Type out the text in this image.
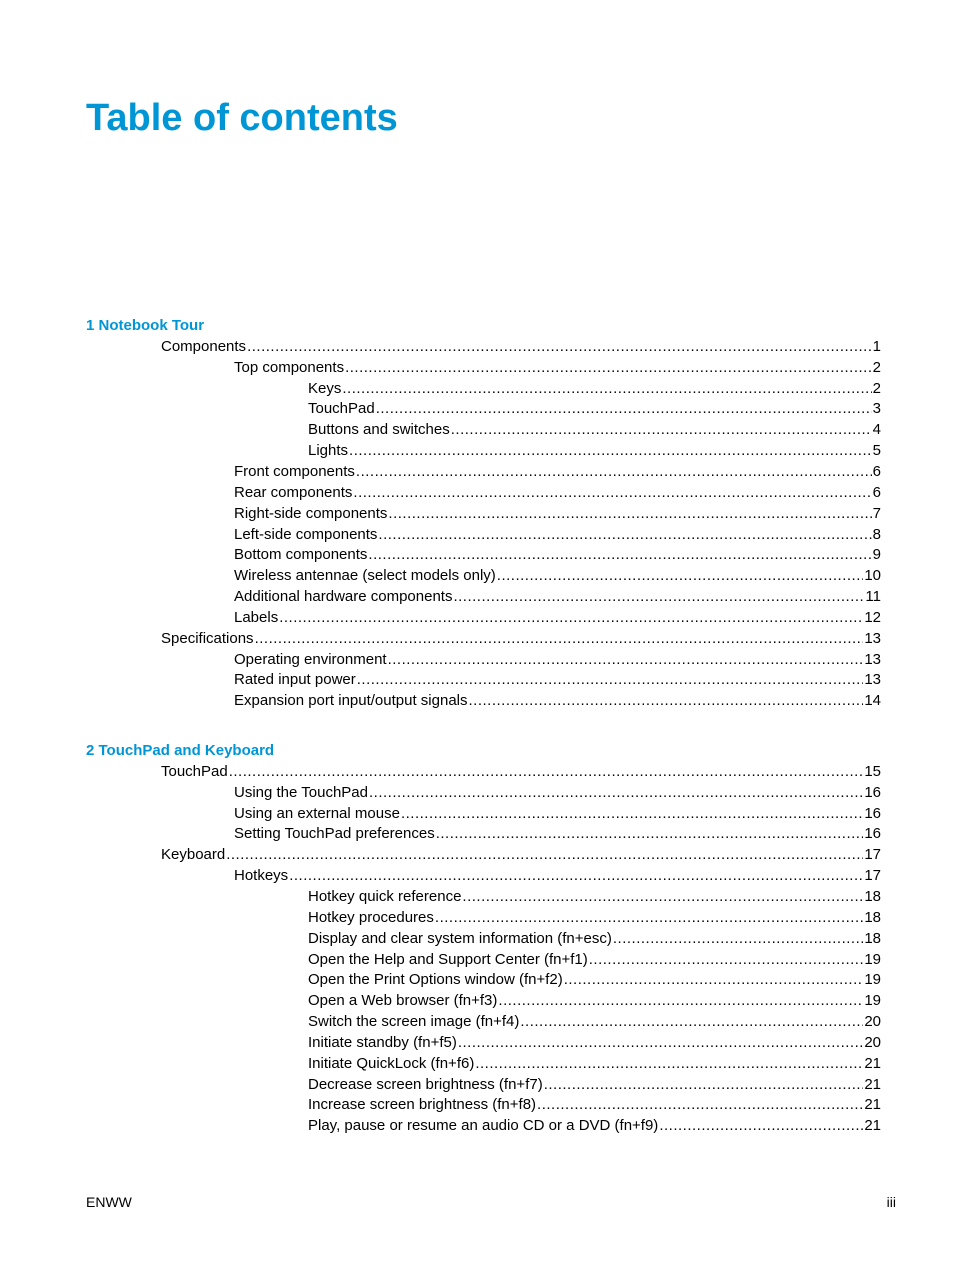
Table of contents
1 Notebook Tour
Components .....	1
Top components .....	2
Keys .....	2
TouchPad .....	3
Buttons and switches .....	4
Lights .....	5
Front components .....	6
Rear components .....	6
Right-side components .....	7
Left-side components .....	8
Bottom components .....	9
Wireless antennae (select models only) .....	10
Additional hardware components .....	11
Labels .....	12
Specifications .....	13
Operating environment .....	13
Rated input power .....	13
Expansion port input/output signals .....	14
2 TouchPad and Keyboard
TouchPad .....	15
Using the TouchPad .....	16
Using an external mouse .....	16
Setting TouchPad preferences .....	16
Keyboard .....	17
Hotkeys .....	17
Hotkey quick reference .....	18
Hotkey procedures .....	18
Display and clear system information (fn+esc) .....	18
Open the Help and Support Center (fn+f1) .....	19
Open the Print Options window (fn+f2) .....	19
Open a Web browser (fn+f3) .....	19
Switch the screen image (fn+f4) .....	20
Initiate standby (fn+f5) .....	20
Initiate QuickLock (fn+f6) .....	21
Decrease screen brightness (fn+f7) .....	21
Increase screen brightness (fn+f8) .....	21
Play, pause or resume an audio CD or a DVD (fn+f9) .....	21
ENWW	iii
